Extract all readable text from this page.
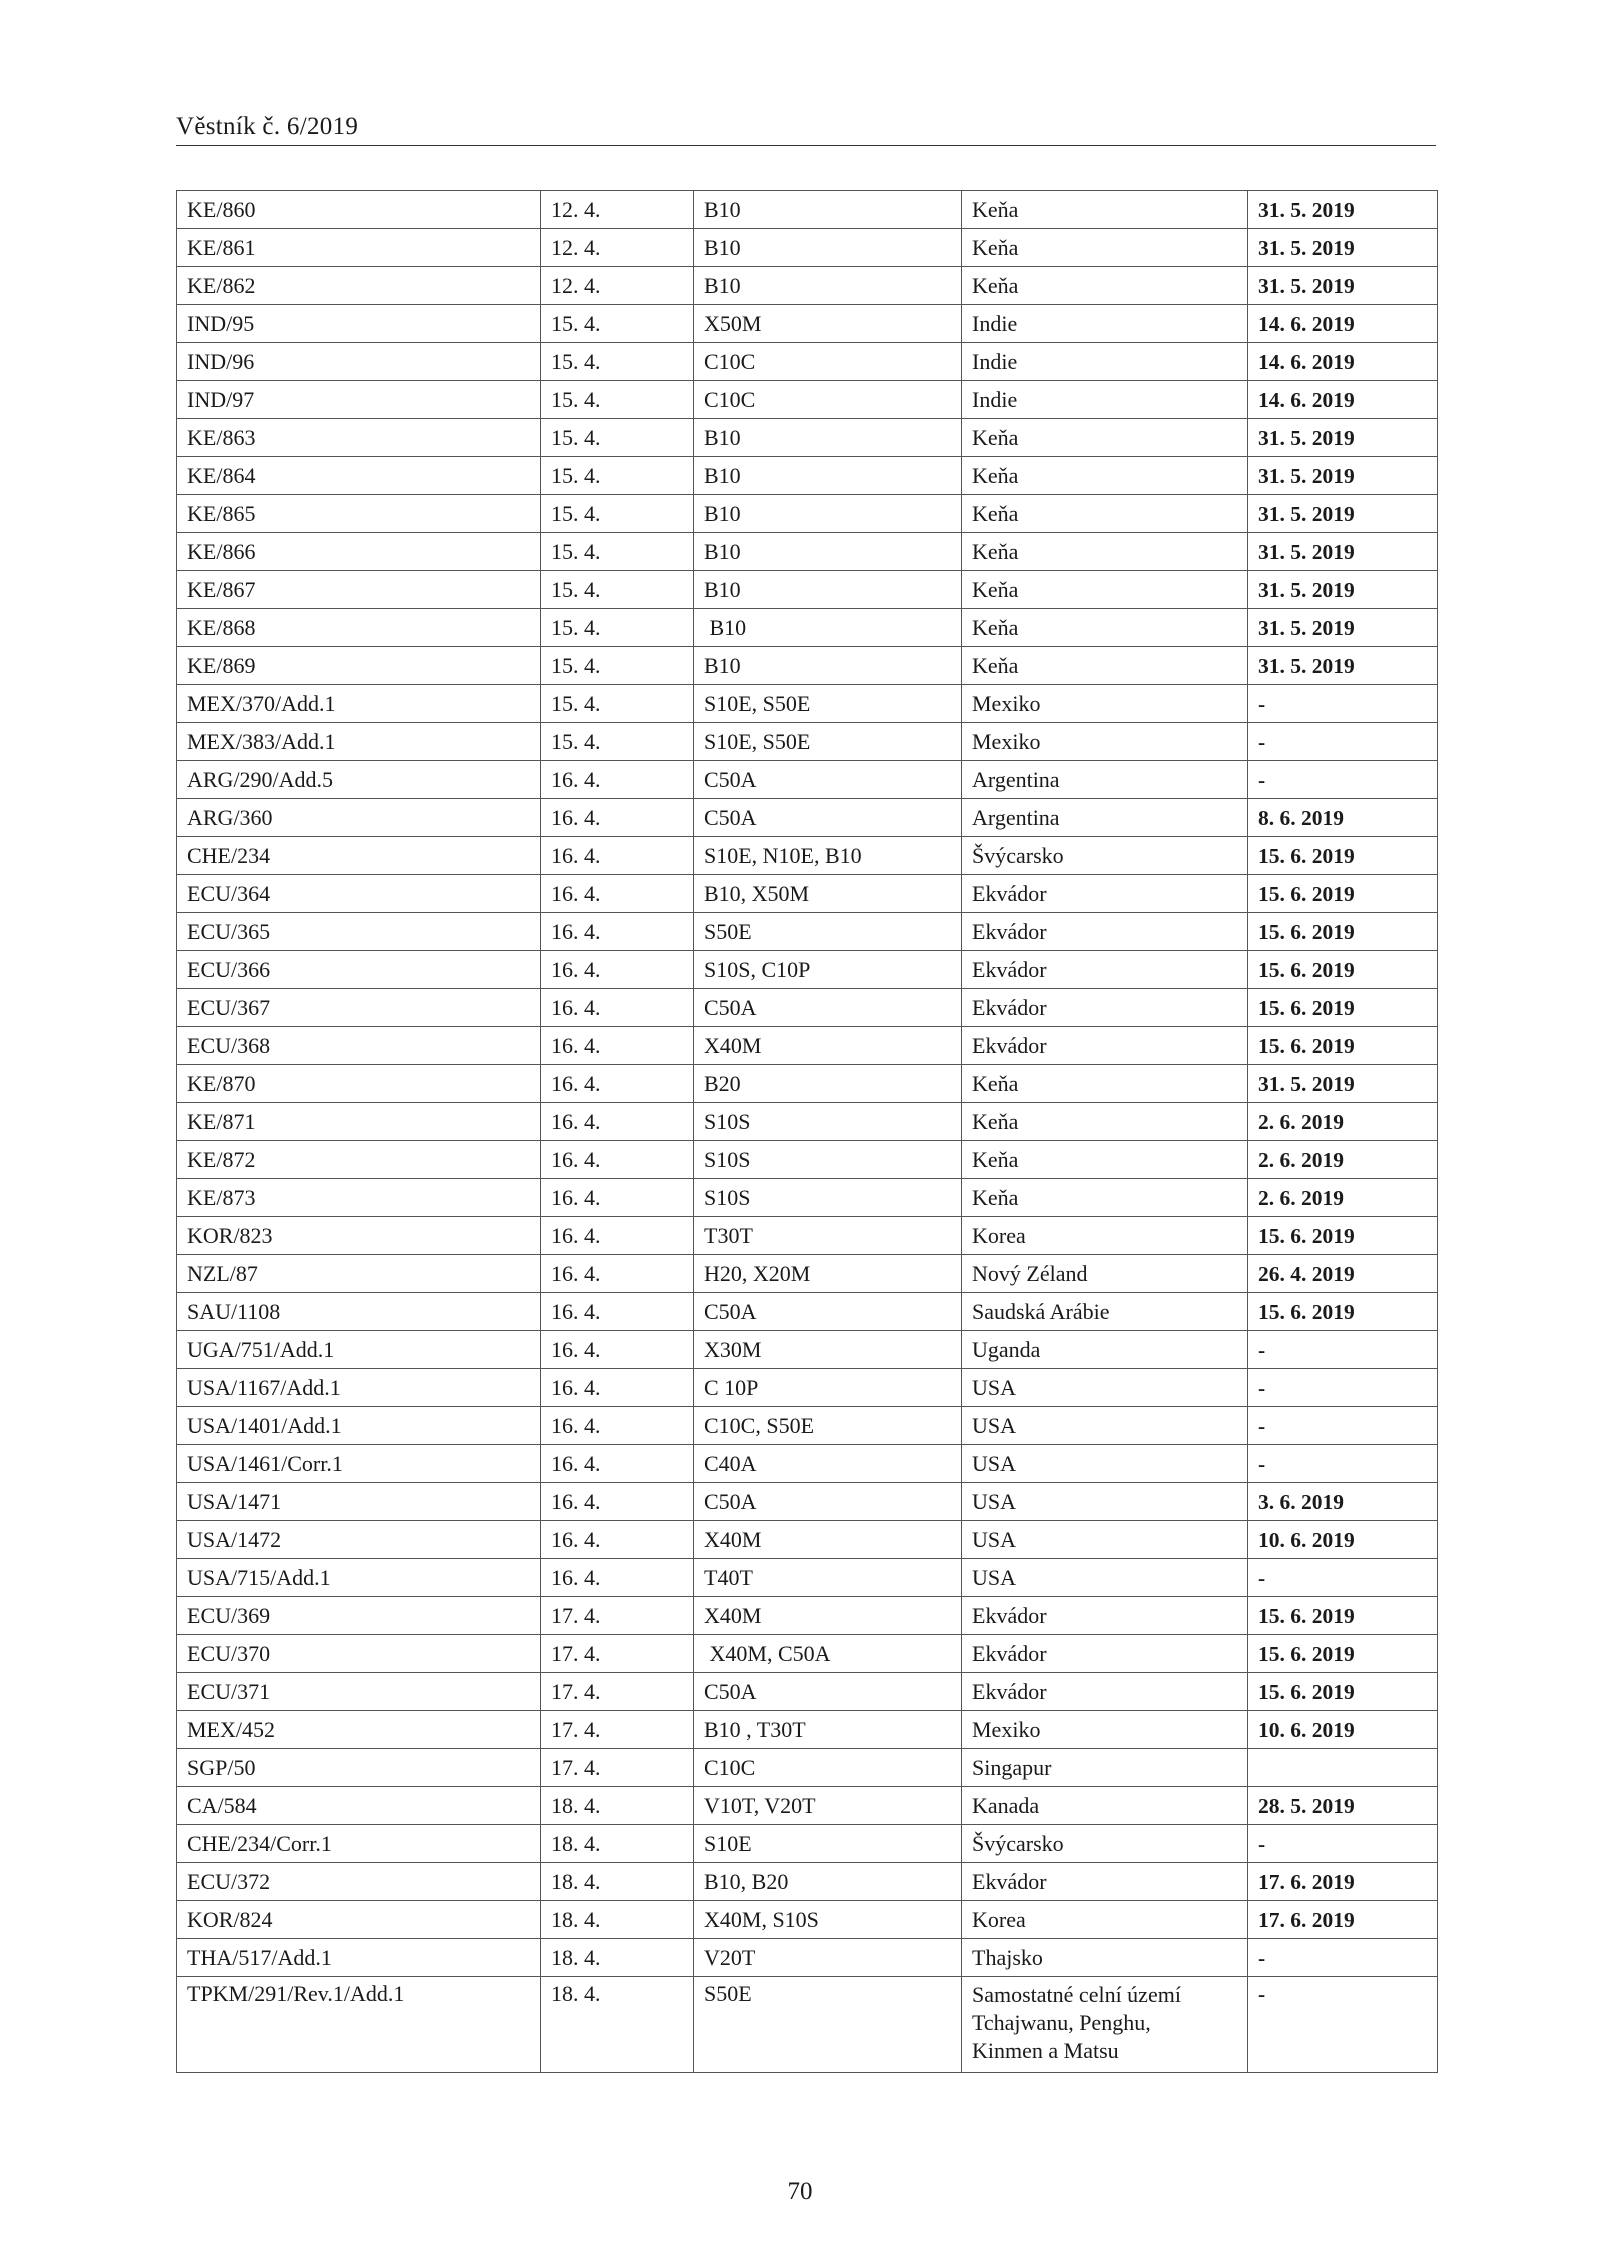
Věstník č. 6/2019
KE/860	12. 4.	B10	Keňa	31. 5. 2019
KE/861	12. 4.	B10	Keňa	31. 5. 2019
KE/862	12. 4.	B10	Keňa	31. 5. 2019
IND/95	15. 4.	X50M	Indie	14. 6. 2019
IND/96	15. 4.	C10C	Indie	14. 6. 2019
IND/97	15. 4.	C10C	Indie	14. 6. 2019
KE/863	15. 4.	B10	Keňa	31. 5. 2019
KE/864	15. 4.	B10	Keňa	31. 5. 2019
KE/865	15. 4.	B10	Keňa	31. 5. 2019
KE/866	15. 4.	B10	Keňa	31. 5. 2019
KE/867	15. 4.	B10	Keňa	31. 5. 2019
KE/868	15. 4.	B10	Keňa	31. 5. 2019
KE/869	15. 4.	B10	Keňa	31. 5. 2019
MEX/370/Add.1	15. 4.	S10E, S50E	Mexiko	-
MEX/383/Add.1	15. 4.	S10E, S50E	Mexiko	-
ARG/290/Add.5	16. 4.	C50A	Argentina	-
ARG/360	16. 4.	C50A	Argentina	8. 6. 2019
CHE/234	16. 4.	S10E, N10E, B10	Švýcarsko	15. 6. 2019
ECU/364	16. 4.	B10, X50M	Ekvádor	15. 6. 2019
ECU/365	16. 4.	S50E	Ekvádor	15. 6. 2019
ECU/366	16. 4.	S10S, C10P	Ekvádor	15. 6. 2019
ECU/367	16. 4.	C50A	Ekvádor	15. 6. 2019
ECU/368	16. 4.	X40M	Ekvádor	15. 6. 2019
KE/870	16. 4.	B20	Keňa	31. 5. 2019
KE/871	16. 4.	S10S	Keňa	2. 6. 2019
KE/872	16. 4.	S10S	Keňa	2. 6. 2019
KE/873	16. 4.	S10S	Keňa	2. 6. 2019
KOR/823	16. 4.	T30T	Korea	15. 6. 2019
NZL/87	16. 4.	H20, X20M	Nový Zéland	26. 4. 2019
SAU/1108	16. 4.	C50A	Saudská Arábie	15. 6. 2019
UGA/751/Add.1	16. 4.	X30M	Uganda	-
USA/1167/Add.1	16. 4.	C 10P	USA	-
USA/1401/Add.1	16. 4.	C10C, S50E	USA	-
USA/1461/Corr.1	16. 4.	C40A	USA	-
USA/1471	16. 4.	C50A	USA	3. 6. 2019
USA/1472	16. 4.	X40M	USA	10. 6. 2019
USA/715/Add.1	16. 4.	T40T	USA	-
ECU/369	17. 4.	X40M	Ekvádor	15. 6. 2019
ECU/370	17. 4.	X40M, C50A	Ekvádor	15. 6. 2019
ECU/371	17. 4.	C50A	Ekvádor	15. 6. 2019
MEX/452	17. 4.	B10 , T30T	Mexiko	10. 6. 2019
SGP/50	17. 4.	C10C	Singapur	
CA/584	18. 4.	V10T, V20T	Kanada	28. 5. 2019
CHE/234/Corr.1	18. 4.	S10E	Švýcarsko	-
ECU/372	18. 4.	B10, B20	Ekvádor	17. 6. 2019
KOR/824	18. 4.	X40M, S10S	Korea	17. 6. 2019
THA/517/Add.1	18. 4.	V20T	Thajsko	-
TPKM/291/Rev.1/Add.1	18. 4.	S50E	Samostatné celní území
Tchajwanu, Penghu,
Kinmen a Matsu	-
70
